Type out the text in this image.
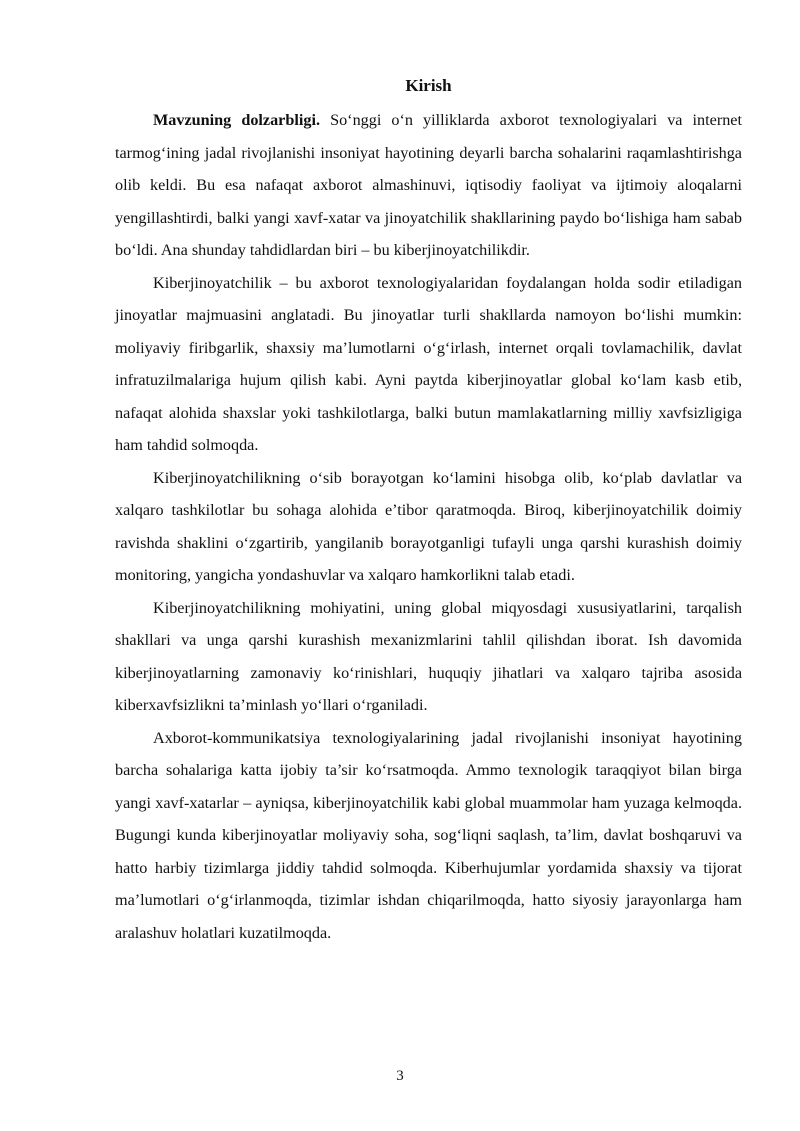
Kirish

Mavzuning dolzarbligi. So‘nggi o‘n yilliklarda axborot texnologiyalari va internet tarmog‘ining jadal rivojlanishi insoniyat hayotining deyarli barcha sohalarini raqamlashtirishga olib keldi. Bu esa nafaqat axborot almashinuvi, iqtisodiy faoliyat va ijtimoiy aloqalarni yengillashtirdi, balki yangi xavf-xatar va jinoyatchilik shakllarining paydo bo‘lishiga ham sabab bo‘ldi. Ana shunday tahdidlardan biri – bu kiberjinoyatchilikdir.

Kiberjinoyatchilik – bu axborot texnologiyalaridan foydalangan holda sodir etiladigan jinoyatlar majmuasini anglatadi. Bu jinoyatlar turli shakllarda namoyon bo‘lishi mumkin: moliyaviy firibgarlik, shaxsiy ma’lumotlarni o‘g‘irlash, internet orqali tovlamachilik, davlat infratuzilmalariga hujum qilish kabi. Ayni paytda kiberjinoyatlar global ko‘lam kasb etib, nafaqat alohida shaxslar yoki tashkilotlarga, balki butun mamlakatlarning milliy xavfsizligiga ham tahdid solmoqda.

Kiberjinoyatchilikning o‘sib borayotgan ko‘lamini hisobga olib, ko‘plab davlatlar va xalqaro tashkilotlar bu sohaga alohida e’tibor qaratmoqda. Biroq, kiberjinoyatchilik doimiy ravishda shaklini o‘zgartirib, yangilanib borayotganligi tufayli unga qarshi kurashish doimiy monitoring, yangicha yondashuvlar va xalqaro hamkorlikni talab etadi.

Kiberjinoyatchilikning mohiyatini, uning global miqyosdagi xususiyatlarini, tarqalish shakllari va unga qarshi kurashish mexanizmlarini tahlil qilishdan iborat. Ish davomida kiberjinoyatlarning zamonaviy ko‘rinishlari, huquqiy jihatlari va xalqaro tajriba asosida kiberxavfsizlikni ta’minlash yo‘llari o‘rganiladi.

Axborot-kommunikatsiya texnologiyalarining jadal rivojlanishi insoniyat hayotining barcha sohalariga katta ijobiy ta’sir ko‘rsatmoqda. Ammo texnologik taraqqiyot bilan birga yangi xavf-xatarlar – ayniqsa, kiberjinoyatchilik kabi global muammolar ham yuzaga kelmoqda. Bugungi kunda kiberjinoyatlar moliyaviy soha, sog‘liqni saqlash, ta’lim, davlat boshqaruvi va hatto harbiy tizimlarga jiddiy tahdid solmoqda. Kiberhujumlar yordamida shaxsiy va tijorat ma’lumotlari o‘g‘irlanmoqda, tizimlar ishdan chiqarilmoqda, hatto siyosiy jarayonlarga ham aralashuv holatlari kuzatilmoqda.

3
